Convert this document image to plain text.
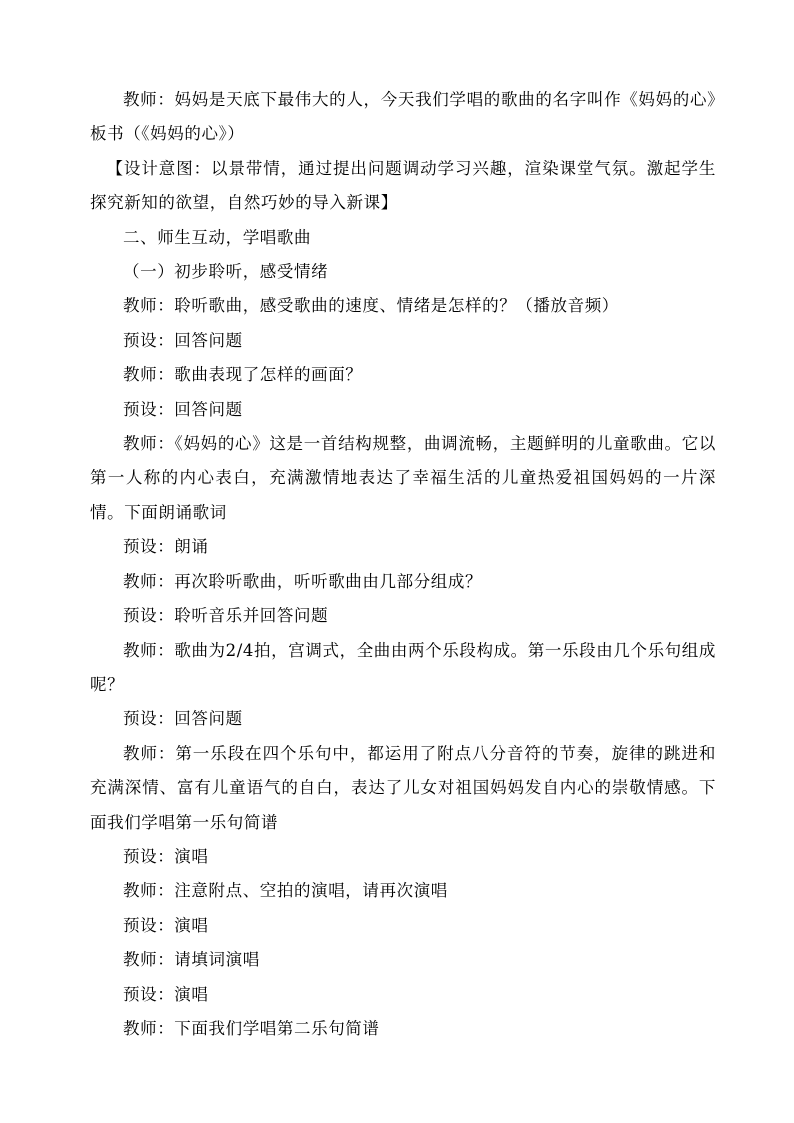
教师：妈妈是天底下最伟大的人，今天我们学唱的歌曲的名字叫作《妈妈的心》板书（《妈妈的心》）

【设计意图：以景带情，通过提出问题调动学习兴趣，渲染课堂气氛。激起学生探究新知的欲望，自然巧妙的导入新课】

二、师生互动，学唱歌曲

（一）初步聆听，感受情绪

教师：聆听歌曲，感受歌曲的速度、情绪是怎样的？（播放音频）

预设：回答问题

教师：歌曲表现了怎样的画面？

预设：回答问题

教师：《妈妈的心》这是一首结构规整，曲调流畅，主题鲜明的儿童歌曲。它以第一人称的内心表白，充满激情地表达了幸福生活的儿童热爱祖国妈妈的一片深情。下面朗诵歌词

预设：朗诵

教师：再次聆听歌曲，听听歌曲由几部分组成？

预设：聆听音乐并回答问题

教师：歌曲为2/4拍，宫调式，全曲由两个乐段构成。第一乐段由几个乐句组成呢？

预设：回答问题

教师：第一乐段在四个乐句中，都运用了附点八分音符的节奏，旋律的跳进和充满深情、富有儿童语气的自白，表达了儿女对祖国妈妈发自内心的崇敬情感。下面我们学唱第一乐句简谱

预设：演唱

教师：注意附点、空拍的演唱，请再次演唱

预设：演唱

教师：请填词演唱

预设：演唱

教师：下面我们学唱第二乐句简谱
